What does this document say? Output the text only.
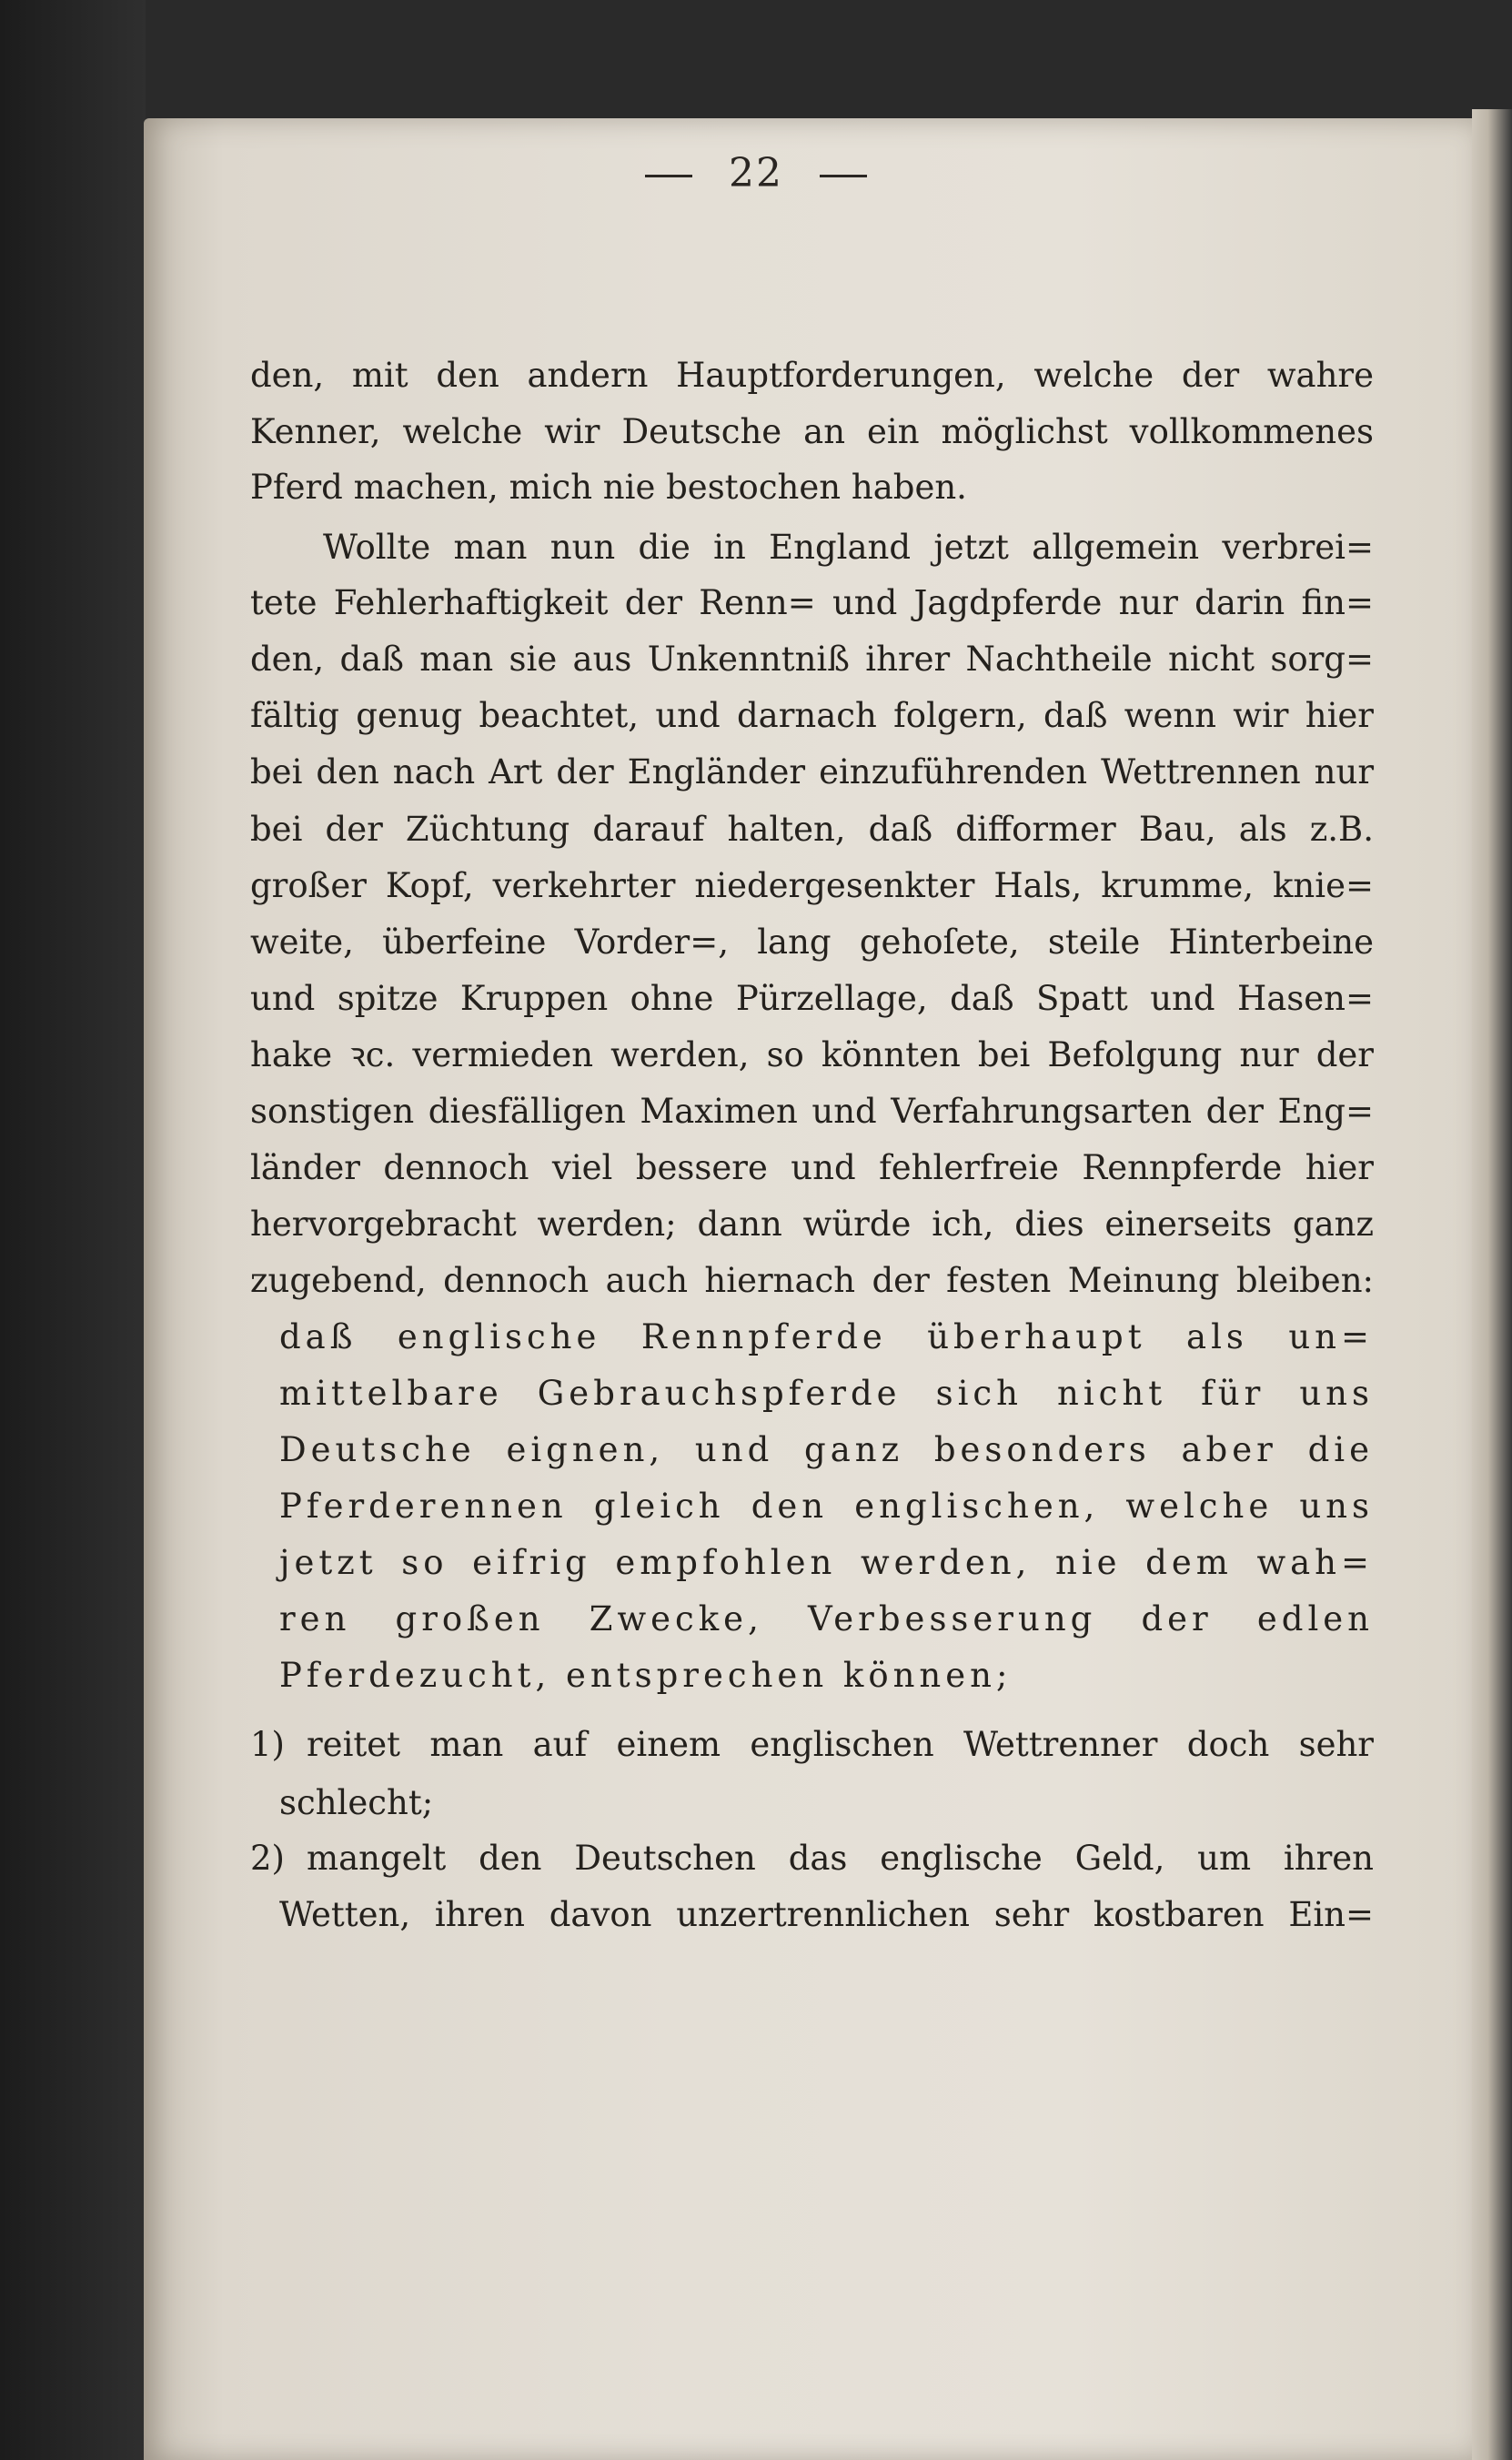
22
den, mit den andern Hauptforderungen, welche der wahre
Kenner, welche wir Deutsche an ein möglichst vollkommenes
Pferd machen, mich nie bestochen haben.
Wollte man nun die in England jetzt allgemein verbrei=
tete Fehlerhaftigkeit der Renn= und Jagdpferde nur darin fin=
den, daß man sie aus Unkenntniß ihrer Nachtheile nicht sorg=
fältig genug beachtet, und darnach folgern, daß wenn wir hier
bei den nach Art der Engländer einzuführenden Wettrennen nur
bei der Züchtung darauf halten, daß difformer Bau, als z.B.
großer Kopf, verkehrter niedergesenkter Hals, krumme, knie=
weite, überfeine Vorder=, lang gehoſete, steile Hinterbeine
und spitze Kruppen ohne Pürzellage, daß Spatt und Hasen=
hake ꝛc. vermieden werden, so könnten bei Befolgung nur der
sonstigen diesfälligen Maximen und Verfahrungsarten der Eng=
länder dennoch viel bessere und fehlerfreie Rennpferde hier
hervorgebracht werden; dann würde ich, dies einerseits ganz
zugebend, dennoch auch hiernach der festen Meinung bleiben:
daß englische Rennpferde überhaupt als un=
mittelbare Gebrauchspferde sich nicht für uns
Deutsche eignen, und ganz besonders aber die
Pferderennen gleich den englischen, welche uns
jetzt so eifrig empfohlen werden, nie dem wah=
ren großen Zwecke, Verbesserung der edlen
Pferdezucht, entsprechen können;
1) reitet man auf einem englischen Wettrenner doch sehr
schlecht;
2) mangelt den Deutschen das englische Geld, um ihren
Wetten, ihren davon unzertrennlichen sehr kostbaren Ein=
